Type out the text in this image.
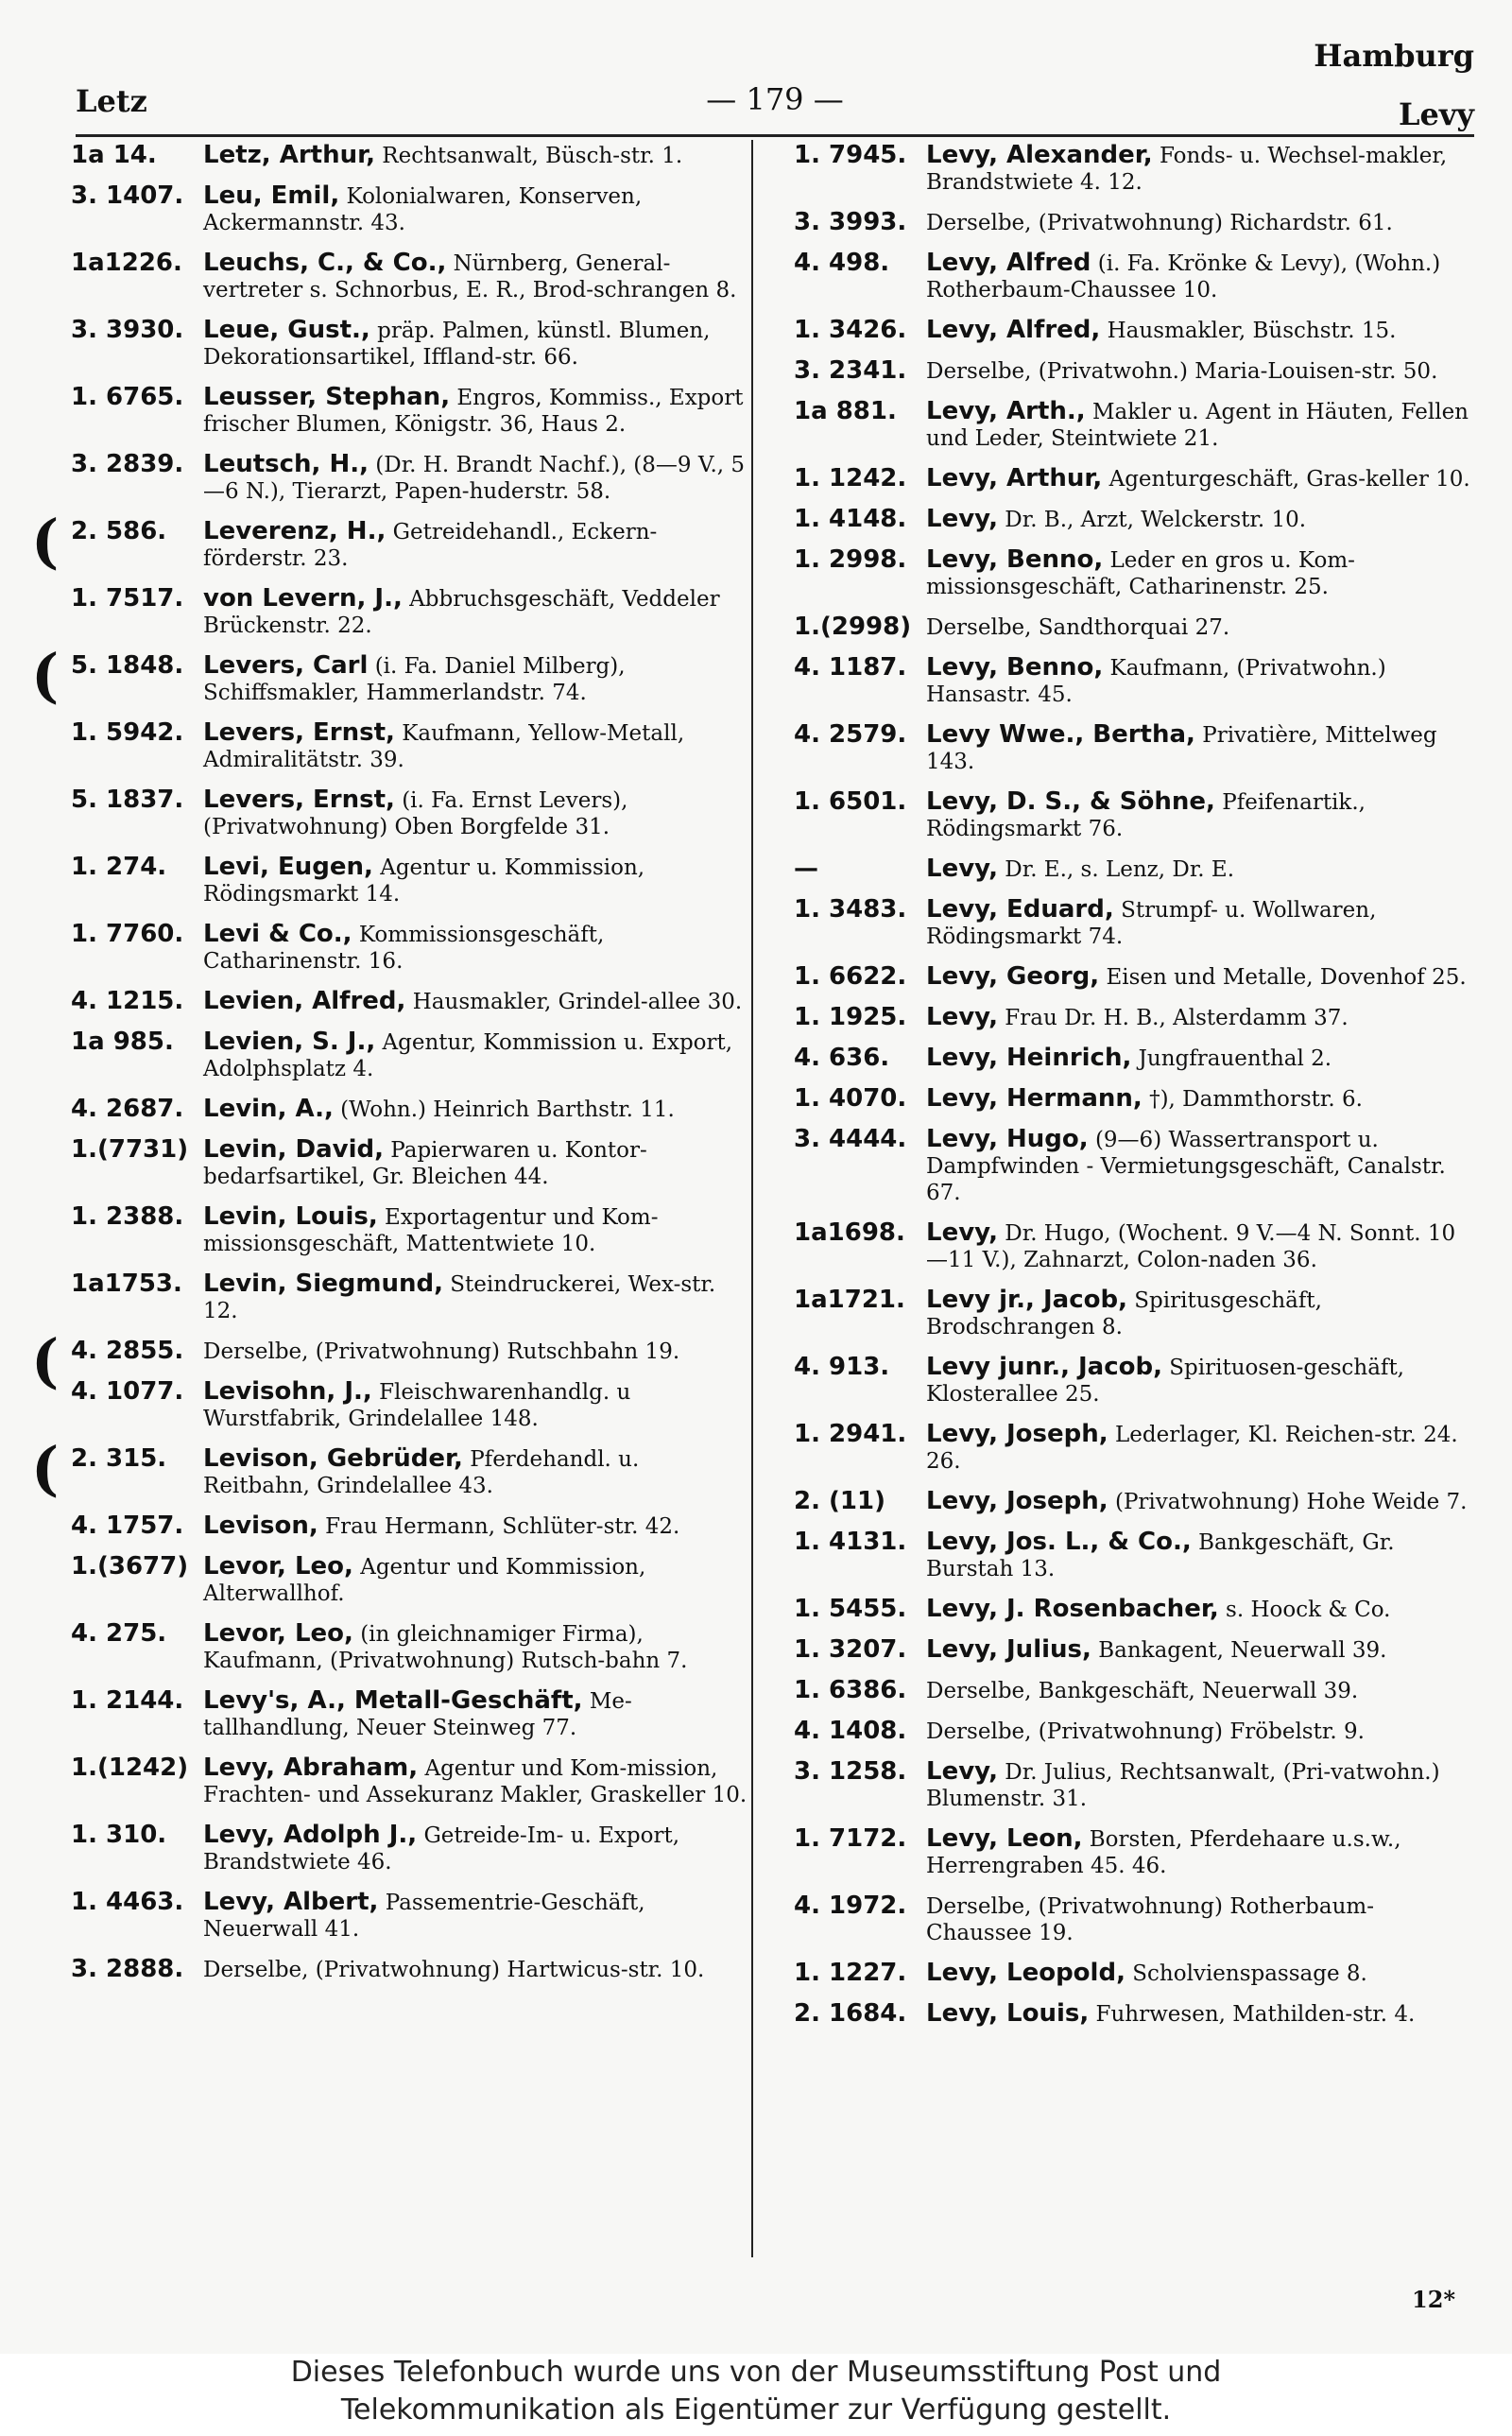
Letz	— 179 —
Hamburg
Levy
1a 14.	Letz, Arthur, Rechtsanwalt, Büsch-str. 1.
3. 1407. Leu, Emil, Kolonialwaren, Konserven, Ackermannstr. 43.
1a1226. Leuchs, C., & Co., Nürnberg, General-vertreter s. Schnorbus, E. R., Brod-schrangen 8.
3. 3930. Leue, Gust., präp. Palmen, künstl. Blumen, Dekorationsartikel, Iffland-str. 66.
1. 6765. Leusser, Stephan, Engros, Kommiss., Export frischer Blumen, Königstr. 36, Haus 2.
3. 2839. Leutsch, H., (Dr. H. Brandt Nachf.), (8—9 V., 5—6 N.), Tierarzt, Papen-huderstr. 58.
( 2. 586.	Leverenz, H., Getreidehandl., Eckern-förderstr. 23.
1. 7517. von Levern, J., Abbruchsgeschäft, Veddeler Brückenstr. 22.
( 5. 1848. Levers, Carl (i. Fa. Daniel Milberg), Schiffsmakler, Hammerlandstr. 74.
1. 5942. Levers, Ernst, Kaufmann, Yellow-Metall, Admiralitätstr. 39.
5. 1837. Levers, Ernst, (i. Fa. Ernst Levers), (Privatwohnung) Oben Borgfelde 31.
1. 274.	Levi, Eugen, Agentur u. Kommission, Rödingsmarkt 14.
1. 7760. Levi & Co., Kommissionsgeschäft, Catharinenstr. 16.
4. 1215. Levien, Alfred, Hausmakler, Grindel-allee 30.
1a 985.	Levien, S. J., Agentur, Kommission u. Export, Adolphsplatz 4.
4. 2687. Levin, A., (Wohn.) Heinrich Barthstr. 11.
1.(7731) Levin, David, Papierwaren u. Kontor-bedarfsartikel, Gr. Bleichen 44.
1. 2388. Levin, Louis, Exportagentur und Kom-missionsgeschäft, Mattentwiete 10.
1a1753. Levin, Siegmund, Steindruckerei, Wex-str. 12.
( 4. 2855. Derselbe, (Privatwohnung) Rutschbahn 19.
4. 1077. Levisohn, J., Fleischwarenhandlg. u Wurstfabrik, Grindelallee 148.
( 2. 315.	Levison, Gebrüder, Pferdehandl. u. Reitbahn, Grindelallee 43.
4. 1757. Levison, Frau Hermann, Schlüter-str. 42.
1.(3677) Levor, Leo, Agentur und Kommission, Alterwallhof.
4. 275.	Levor, Leo, (in gleichnamiger Firma), Kaufmann, (Privatwohnung) Rutsch-bahn 7.
1. 2144. Levy's, A., Metall-Geschäft, Me-tallhandlung, Neuer Steinweg 77.
1.(1242) Levy, Abraham, Agentur und Kom-mission, Frachten- und Assekuranz Makler, Graskeller 10.
1. 310.	Levy, Adolph J., Getreide-Im- u. Export, Brandstwiete 46.
1. 4463. Levy, Albert, Passementrie-Geschäft, Neuerwall 41.
3. 2888. Derselbe, (Privatwohnung) Hartwicus-str. 10.
1. 7945. Levy, Alexander, Fonds- u. Wechsel-makler, Brandstwiete 4. 12.
3. 3993. Derselbe, (Privatwohnung) Richardstr. 61.
4. 498.	Levy, Alfred (i. Fa. Krönke & Levy), (Wohn.) Rotherbaum-Chaussee 10.
1. 3426. Levy, Alfred, Hausmakler, Büschstr. 15.
3. 2341. Derselbe, (Privatwohn.) Maria-Louisen-str. 50.
1a 881.	Levy, Arth., Makler u. Agent in Häuten, Fellen und Leder, Steintwiete 21.
1. 1242. Levy, Arthur, Agenturgeschäft, Gras-keller 10.
1. 4148. Levy, Dr. B., Arzt, Welckerstr. 10.
1. 2998. Levy, Benno, Leder en gros u. Kom-missionsgeschäft, Catharinenstr. 25.
1.(2998) Derselbe, Sandthorquai 27.
4. 1187. Levy, Benno, Kaufmann, (Privatwohn.) Hansastr. 45.
4. 2579. Levy Wwe., Bertha, Privatière, Mittelweg 143.
1. 6501. Levy, D. S., & Söhne, Pfeifenartik., Rödingsmarkt 76.
—	Levy, Dr. E., s. Lenz, Dr. E.
1. 3483. Levy, Eduard, Strumpf- u. Wollwaren, Rödingsmarkt 74.
1. 6622. Levy, Georg, Eisen und Metalle, Dovenhof 25.
1. 1925. Levy, Frau Dr. H. B., Alsterdamm 37.
4. 636.	Levy, Heinrich, Jungfrauenthal 2.
1. 4070. Levy, Hermann, †), Dammthorstr. 6.
3. 4444. Levy, Hugo, (9—6) Wassertransport u. Dampfwinden - Vermietungsgeschäft, Canalstr. 67.
1a1698. Levy, Dr. Hugo, (Wochent. 9 V.—4 N. Sonnt. 10—11 V.), Zahnarzt, Colon-naden 36.
1a1721. Levy jr., Jacob, Spiritusgeschäft, Brodschrangen 8.
4. 913.	Levy junr., Jacob, Spirituosen-geschäft, Klosterallee 25.
1. 2941. Levy, Joseph, Lederlager, Kl. Reichen-str. 24. 26.
2. (11)	Levy, Joseph, (Privatwohnung) Hohe Weide 7.
1. 4131. Levy, Jos. L., & Co., Bankgeschäft, Gr. Burstah 13.
1. 5455. Levy, J. Rosenbacher, s. Hoock & Co.
1. 3207. Levy, Julius, Bankagent, Neuerwall 39.
1. 6386. Derselbe, Bankgeschäft, Neuerwall 39.
4. 1408. Derselbe, (Privatwohnung) Fröbelstr. 9.
3. 1258. Levy, Dr. Julius, Rechtsanwalt, (Pri-vatwohn.) Blumenstr. 31.
1. 7172. Levy, Leon, Borsten, Pferdehaare u.s.w., Herrengraben 45. 46.
4. 1972. Derselbe, (Privatwohnung) Rotherbaum-Chaussee 19.
1. 1227. Levy, Leopold, Scholvienspassage 8.
2. 1684. Levy, Louis, Fuhrwesen, Mathilden-str. 4.
12*
Dieses Telefonbuch wurde uns von der Museumsstiftung Post und
Telekommunikation als Eigentümer zur Verfügung gestellt.
